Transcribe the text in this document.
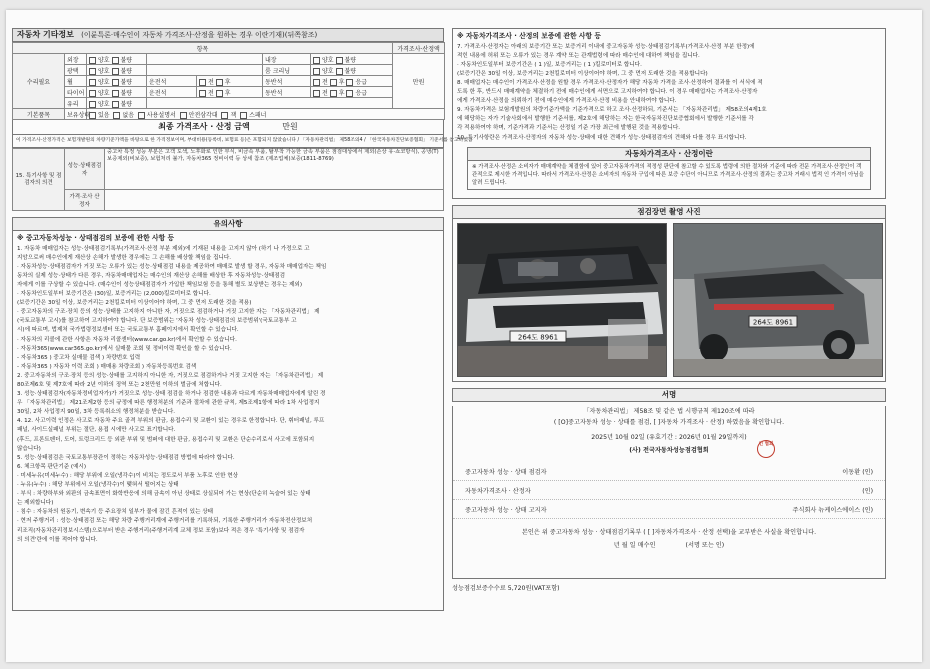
자동차 기타정보 (이륜특론·매수인이 자동차 가격조사·산정을 원하는 경우 이란기재)(뒤쪽참조)
항목							가격조사·산정액
수리필요	외장	양호 불량			내장	양호 불량	만원
	광택	양호 불량			룸 크리닝	양호 불량	
	휠	양호 불량	운전석	전 후	동반석	전 후 응급	
	타이어	양호 불량	운전석	전 후	동반석	전 후 응급	
	유리	양호 불량					
기본품목	보유상태	있음 없음 사용설명서 안전삼각대 잭 스패너					
최종 가격조사 · 산정 금액	만원
이 가격조사·산정가격은 보험개발원의 차량기준가액을 바탕으로 한 가격정보이며, 부대비용(등록비, 보험료 등)은 포함되지 않았습니다 / 「자동차관리법」 제58조의4 / 「한국자동차진단보증협회」 기준서를 참고하였음
15. 특기사항 및 점검자의 의견	성능·상태점검자	중고차 특정 성능 부분은 고객 도색, 노후화로 인한 부식, 비금속 부품, 탈부착 가능한 금속 부품은 점검대상에서 제외(손상 유·쇼코방식), 공냉(T) 보증제외(비보증), 보험처리 불가, 자동차365 정비이력 등 상세 참조 (제조업체)보증(1811-8769)
	가격·조사 산정자	
유의사항
※ 중고자동차성능 · 상태점검의 보증에 관한 사항 등

1. 자동차 매매업자는 성능·상태점검기록부(가격조사·산정 부분 제외)에 기재된 내용을 고지지 않아 (하기 나 가정으로 고

지암으로써 매수인에게 재산상 손해가 발생한 경우에는 그 손해를 배상할 책임을 집니다.

· 자동차성능·상태점검자가 거짓 또는 오류가 있는 성능·상태점검 내용을 제공하여 매매로 발생 할 경우, 자동차 매매업자는 책임

동차의 실제 성능·상태가 다른 경우, 자동차매매업자는 매수인의 재산상 손해를 배상한 후 자동차성능·상태점검

자에게 이를 구상할 수 있습니다. (매수인이 성능상태점검자가 가입한 책임보험 등을 통해 별도 보상받는 경우는 제외)

· 자동차인도일부터 보증기간은 (30)일, 보증거리는 (2,000)킬로미터로 합니다.

(보증기간은 30일 이상, 보증거리는 2천킬로미터 이상이어야 하며, 그 중 먼저 도래한 것을 적용)

· 중고자동차의 구조·장치 등의 성능·상태를 고지하지 아니한 자, 거짓으로 점검하거나 거짓 고지한 자는 「자동차관리법」 제

(국토교통부 고시)를 참고하여 고지하여야 합니다. 단 보증범위는 '자동차 성능·상태점검의 보증범위'(국토교통부 고

시)에 따르며, 법제처 국가법령정보센터 또는 국토교통부 홈페이지에서 확인할 수 있습니다.

· 자동차의 리콜에 관한 사항은 자동차 리콜센터(www.car.go.kr)에서 확인할 수 있습니다.

· 자동차365(www.car365.go.kr)에서 실매물 조회 및 정비이력 확인을 할 수 있습니다.

- 자동차365 ) 중고차 실매물 검색 ) 차량번호 입력

- 자동차365 ) 자동차 이력 조회 ) 매매용 차량조회 ) 자동차등록번호 검색

2. 중고자동차의 구조·장치 등의 성능·상태를 고지하지 아니한 자, 거짓으로 점검하거나 거짓 고지한 자는 「자동차관리법」 제

80조제6호 및 제7호에 따라 2년 이하의 징역 또는 2천만원 이하의 벌금에 처합니다.

3. 성능·상태점검자(자동차정비업자가)가 거짓으로 성능·상태 점검을 하거나 점검한 내용과 다르게 자동차매매업자에게 알린 경

우 「자동차관리법」 제21조제2항 등의 규정에 따른 행정처분의 기준과 절차에 관한 규칙, 제5조제1항에 따라 1차 사업정지

30일, 2차 사업정지 90일, 3차 등록취소의 행정처분을 받습니다.

4. 12. 사고이력 인정은 사고로 자동차 주요 골격 부위의 판금, 용접수리 및 교환이 있는 경우로 한정합니다. 단, 휘터패널, 루프

패널, 사이드실패널 부위는 절단, 용접 시에만 사고로 표기합니다.

(후드, 프론트펜더, 도어, 트렁크리드 등 외판 부위 및 범퍼에 대한 판금, 용접수리 및 교환은 단순수리로서 사고에 포함되지

않습니다)

5. 성능·상태점검은 국토교통부장관이 정하는 자동차성능·상태점검 방법에 따라야 합니다.

6. 체크항목 판단기준 (예시)

· 미세누유(미세누수) : 해당 부위에 오일(냉각수)이 비치는 정도로서 부품 노후로 인한 현상

· 누유(누수) : 해당 부위에서 오일(냉각수)이 맺혀서 떨어지는 상태

· 부식 : 차량하부와 외판의 금속표면이 화학반응에 의해 금속이 아닌 상태로 상실되어 가는 현상(단순히 녹슬어 있는 상태

는 제외합니다)

· 침수 : 자동차의 원동기, 변속기 등 주요장치 일부가 물에 잠긴 흔적이 있는 상태

· 현저 주행거리 : 성능·상태점검 또는 해당 차량 주행거리계에 주행거리를 기록하되, 기록한 주행거리가 자동차전산정보처

리조직(자동차관리정보시스템)으로부터 받은 주행거리(주행거리계 교체 정보 포함)보다 적은 경우 '특기사항 및 점검자

의 의견'란에 이를 적어야 합니다.

※ 자동차가격조사 · 산정의 보증에 관한 사항 등

7. 가격조사·산정자는 아래의 보증기간 또는 보증거리 이내에 중고자동차 성능·상태점검기록부(가격조사·산정 부분 한정)에

적힌 내용에 허위 또는 오류가 있는 경우 계약 또는 관계법령에 따라 매수인에 대하여 책임을 집니다.

· 자동차인도일부터 보증기간은 ( 1 )일, 보증거리는 ( 1 )킬로미터로 합니다.

(보증기간은 30일 이상, 보증거리는 2천킬로미터 이상이어야 하며, 그 중 먼저 도래한 것을 적용합니다)

8. 매매업자는 매수인이 가격조사·산정을 원할 경우 가격조사·산정자가 해당 자동차 가격을 조사·산정하여 결과를 이 서식에 적

도록 한 후, 반드시 매매계약을 체결하기 전에 매수인에게 서면으로 고지하여야 합니다. 이 경우 매매업자는 가격조사·산정자

에게 가격조사·산정을 의뢰하기 전에 매수인에게 가격조사·산정 비용을 안내하여야 합니다.

9. 자동차가격은 보험개발원의 차량기준가액을 기준가격으로 하고 조사·산정하되, 기준서는 「자동차관리법」 제58조의4제1호

에 해당하는 자가 기술사회에서 발행한 기준서를, 제2호에 해당하는 자는 한국자동차진단보증협회에서 발행한 기준서를 각

각 적용하여야 하며, 기준가격과 기준서는 산정일 기준 가장 최근에 발행된 것을 적용합니다.

10. 특기사항란은 가격조사·산정자의 자동차 성능·상태에 대한 견해가 성능·상태점검자의 견해와 다를 경우 표시합니다.

자동차가격조사 · 산정이란
※ 가격조사·산정은 소비자가 매매계약을 체결함에 있어 중고자동차가격의 적정성 판단에 참고할 수 있도록 법령에 의한 절차와 기준에 따라 전문 가격조사·산정인이 객관적으로 제시한 가격입니다. 따라서 가격조사·산정은 소비자의 자동차 구입에 따른 보증 수단이 아니므로 가격조사·산정의 결과는 중고차 거래시 법적 인 가격이 아님을 알려 드립니다.
점검장면 촬영 사진
264도 8961
264도 8961
서명
「자동차관리법」 제58조 및 같은 법 시행규칙 제120조에 따라
( [O]중고자동차 성능 · 상태를 점검, [ ]자동차 가격조사 · 산정) 하였음을 확인합니다.
2025년 10월 02일 (유효기간 : 2026년 01월 29일까지)
(사) 전국자동차성능점검협회
인 협회
중고자동차 성능 · 상태 점검자	이동환 (인)
자동차가격조사 · 산정자	(인)
중고자동차 성능 · 상태 고지자	주식회사 뉴케이스에이스 (인)
본인은 위 중고자동차 성능 · 상태점검기록부 ( [ ]자동차가격조사 · 산정 선택)을 교부받은 사실을 확인합니다.
년 월 일 매수인	(서명 또는 인)
성능점검보증수수료 5,720원(VAT포함)
